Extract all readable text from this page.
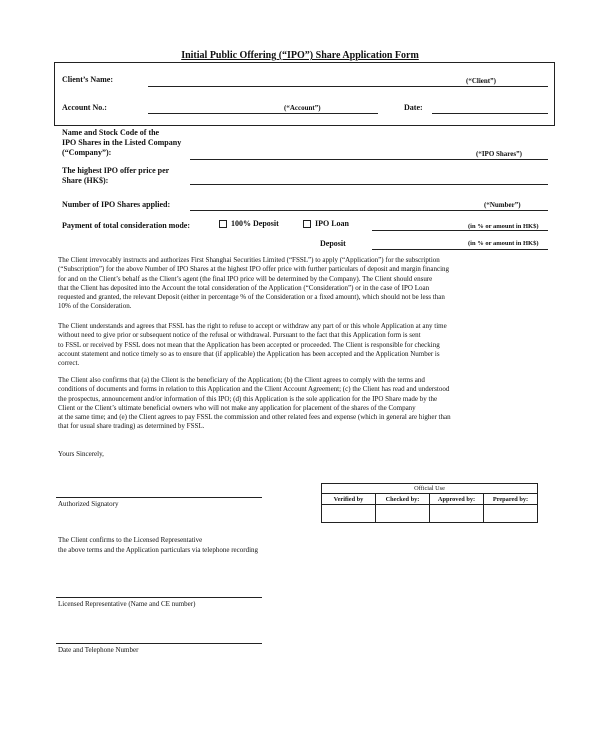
Initial Public Offering (“IPO”) Share Application Form
Client’s Name:	(“Client”)
Account No.:	(“Account”)	Date:
Name and Stock Code of the
IPO Shares in the Listed Company
(“Company”):	(“IPO Shares”)
The highest IPO offer price per
Share (HK$):
Number of IPO Shares applied:	(“Number”)
Payment of total consideration mode:	100% Deposit	IPO Loan	(in % or amount in HK$)
Deposit	(in % or amount in HK$)
The Client irrevocably instructs and authorizes First Shanghai Securities Limited (“FSSL”) to apply (“Application”) for the subscription
(“Subscription”) for the above Number of IPO Shares at the highest IPO offer price with further particulars of deposit and margin financing
for and on the Client’s behalf as the Client’s agent (the final IPO price will be determined by the Company). The Client should ensure
that the Client has deposited into the Account the total consideration of the Application (“Consideration”) or in the case of IPO Loan
requested and granted, the relevant Deposit (either in percentage % of the Consideration or a fixed amount), which should not be less than
10% of the Consideration.
The Client understands and agrees that FSSL has the right to refuse to accept or withdraw any part of or this whole Application at any time
without need to give prior or subsequent notice of the refusal or withdrawal. Pursuant to the fact that this Application form is sent
to FSSL or received by FSSL does not mean that the Application has been accepted or proceeded. The Client is responsible for checking
account statement and notice timely so as to ensure that (if applicable) the Application has been accepted and the Application Number is
correct.
The Client also confirms that (a) the Client is the beneficiary of the Application; (b) the Client agrees to comply with the terms and
conditions of documents and forms in relation to this Application and the Client Account Agreement; (c) the Client has read and understood
the prospectus, announcement and/or information of this IPO; (d) this Application is the sole application for the IPO Share made by the
Client or the Client’s ultimate beneficial owners who will not make any application for placement of the shares of the Company
at the same time; and (e) the Client agrees to pay FSSL the commission and other related fees and expense (which in general are higher than
that for usual share trading) as determined by FSSL.
Yours Sincerely,
Authorized Signatory
Official Use			
Verified by	Checked by:	Approved by:	Prepared by:

The Client confirms to the Licensed Representative
the above terms and the Application particulars via telephone recording
Licensed Representative (Name and CE number)
Date and Telephone Number
